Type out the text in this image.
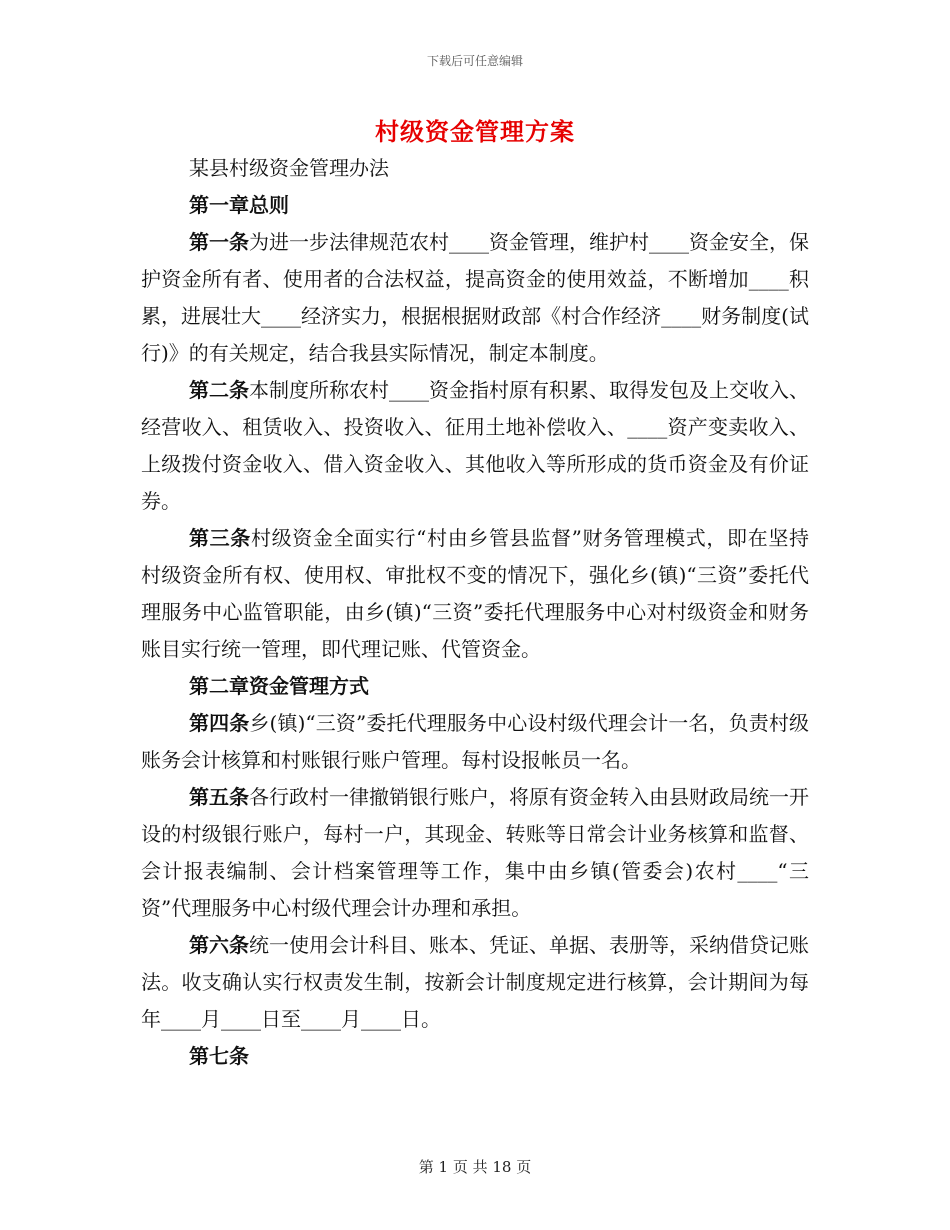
下载后可任意编辑
村级资金管理方案

某县村级资金管理办法

第一章总则

第一条为进一步法律规范农村____资金管理，维护村____资金安全，保护资金所有者、使用者的合法权益，提高资金的使用效益，不断增加____积累，进展壮大____经济实力，根据根据财政部《村合作经济____财务制度(试行)》的有关规定，结合我县实际情况，制定本制度。

第二条本制度所称农村____资金指村原有积累、取得发包及上交收入、经营收入、租赁收入、投资收入、征用土地补偿收入、____资产变卖收入、上级拨付资金收入、借入资金收入、其他收入等所形成的货币资金及有价证券。

第三条村级资金全面实行“村由乡管县监督”财务管理模式，即在坚持村级资金所有权、使用权、审批权不变的情况下，强化乡(镇)“三资”委托代理服务中心监管职能，由乡(镇)“三资”委托代理服务中心对村级资金和财务账目实行统一管理，即代理记账、代管资金。

第二章资金管理方式

第四条乡(镇)“三资”委托代理服务中心设村级代理会计一名，负责村级账务会计核算和村账银行账户管理。每村设报帐员一名。

第五条各行政村一律撤销银行账户，将原有资金转入由县财政局统一开设的村级银行账户，每村一户，其现金、转账等日常会计业务核算和监督、会计报表编制、会计档案管理等工作，集中由乡镇(管委会)农村____“三资”代理服务中心村级代理会计办理和承担。

第六条统一使用会计科目、账本、凭证、单据、表册等，采纳借贷记账法。收支确认实行权责发生制，按新会计制度规定进行核算，会计期间为每年____月____日至____月____日。

第七条

第 1 页 共 18 页
